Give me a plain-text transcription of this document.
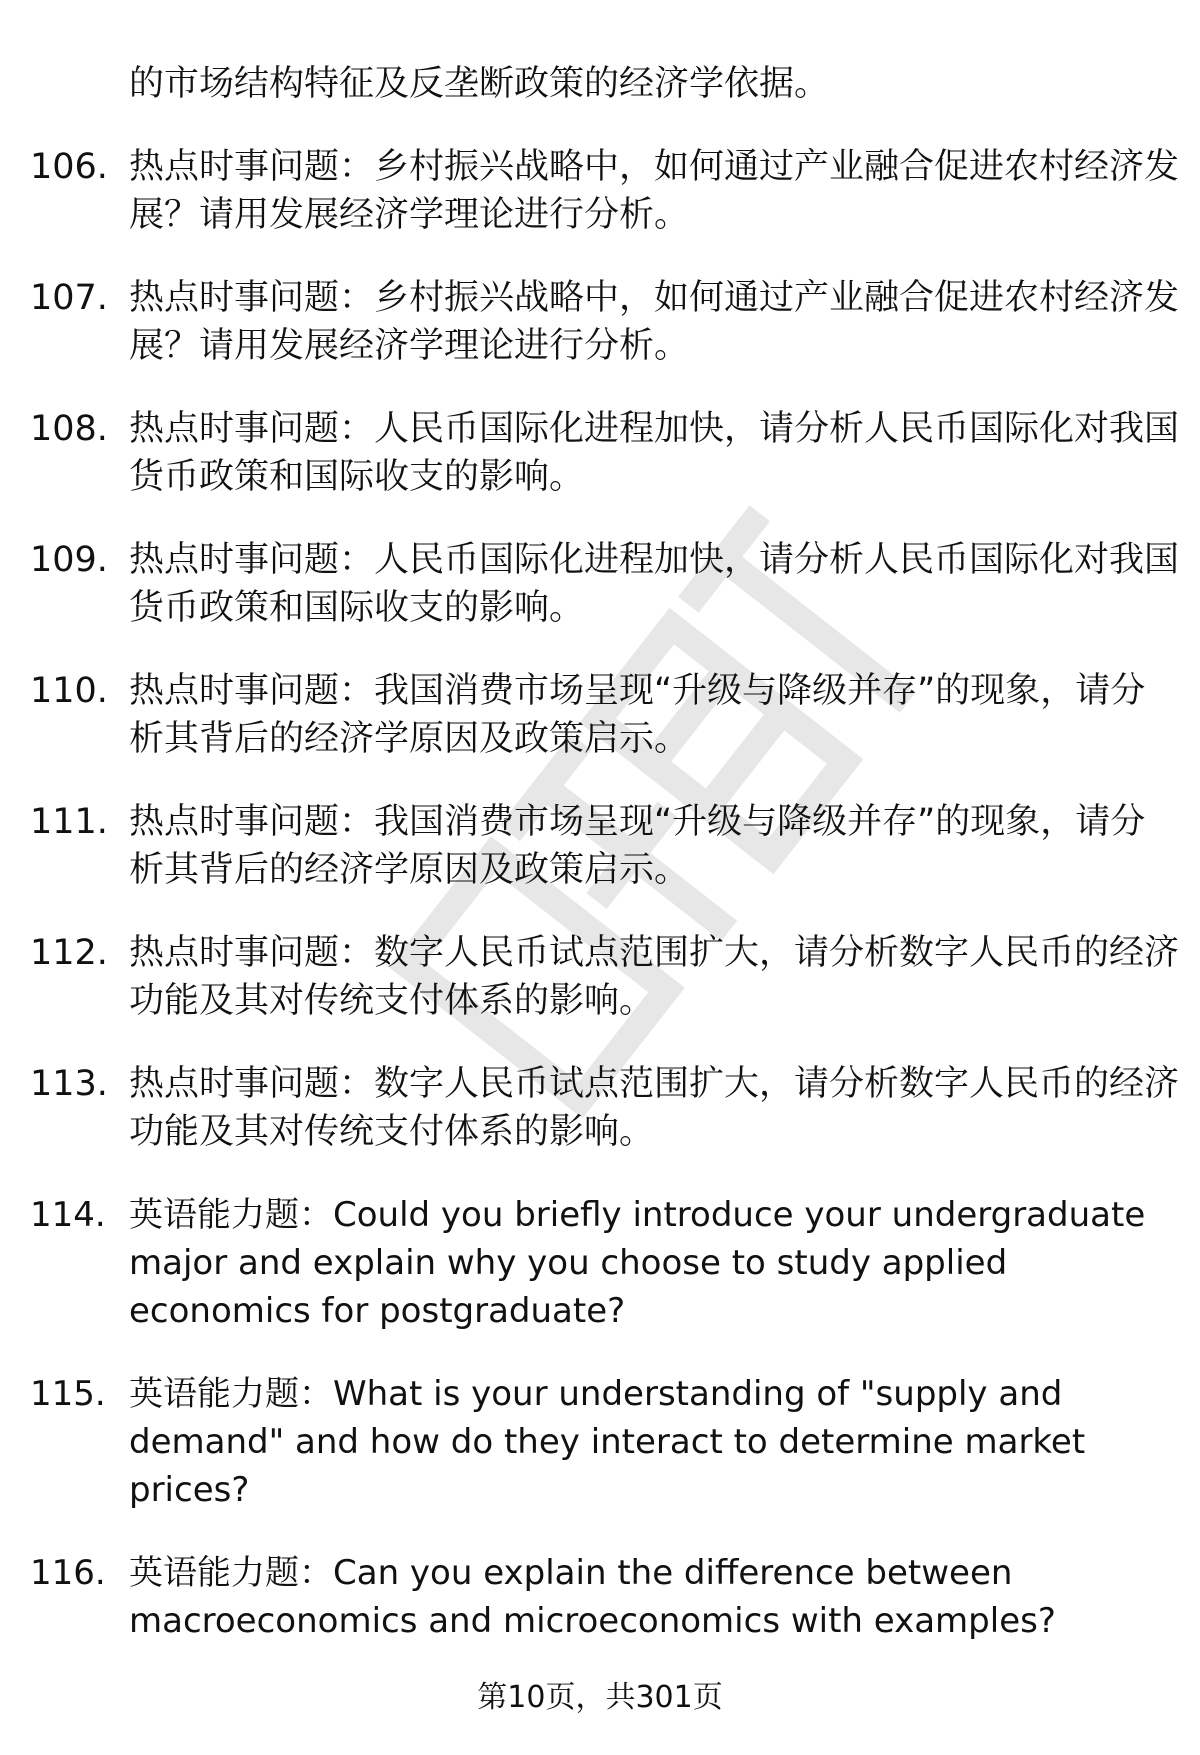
的市场结构特征及反垄断政策的经济学依据。
106. 热点时事问题：乡村振兴战略中，如何通过产业融合促进农村经济发展？请用发展经济学理论进行分析。
107. 热点时事问题：乡村振兴战略中，如何通过产业融合促进农村经济发展？请用发展经济学理论进行分析。
108. 热点时事问题：人民币国际化进程加快，请分析人民币国际化对我国货币政策和国际收支的影响。
109. 热点时事问题：人民币国际化进程加快，请分析人民币国际化对我国货币政策和国际收支的影响。
110. 热点时事问题：我国消费市场呈现“升级与降级并存”的现象，请分析其背后的经济学原因及政策启示。
111. 热点时事问题：我国消费市场呈现“升级与降级并存”的现象，请分析其背后的经济学原因及政策启示。
112. 热点时事问题：数字人民币试点范围扩大，请分析数字人民币的经济功能及其对传统支付体系的影响。
113. 热点时事问题：数字人民币试点范围扩大，请分析数字人民币的经济功能及其对传统支付体系的影响。
114. 英语能力题：Could you briefly introduce your undergraduate major and explain why you choose to study applied economics for postgraduate?
115. 英语能力题：What is your understanding of "supply and demand" and how do they interact to determine market prices?
116. 英语能力题：Can you explain the difference between macroeconomics and microeconomics with examples?
第10页，共301页
